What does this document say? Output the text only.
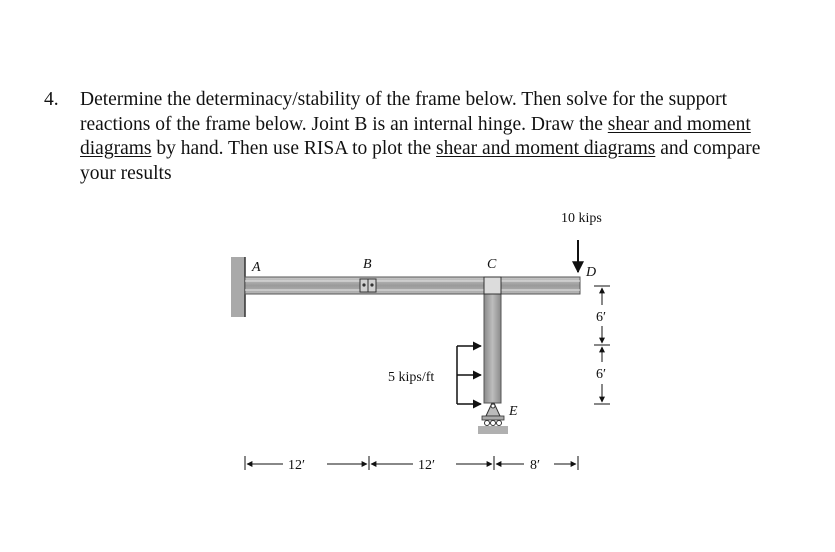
4. Determine the determinacy/stability of the frame below. Then solve for the support reactions of the frame below. Joint B is an internal hinge. Draw the shear and moment diagrams by hand. Then use RISA to plot the shear and moment diagrams and compare your results
A	B	C
D
E
10 kips
5 kips/ft
6′
6′
12′	12′	8′
